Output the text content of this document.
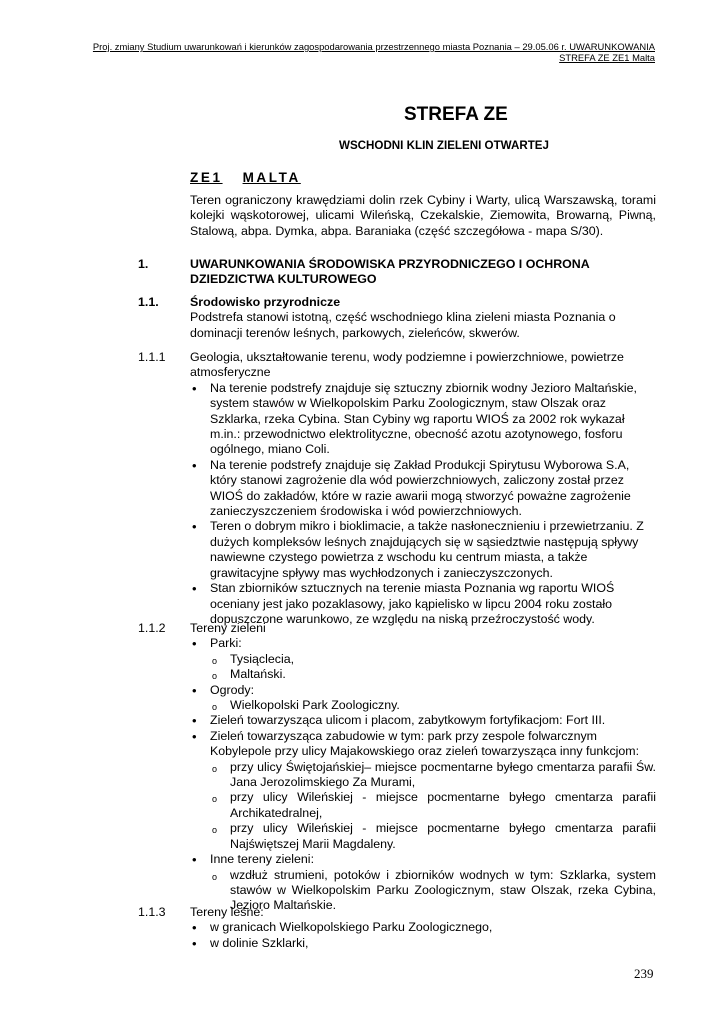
Proj. zmiany Studium uwarunkowań i kierunków zagospodarowania przestrzennego miasta Poznania – 29.05.06 r. UWARUNKOWANIA
STREFA ZE ZE1 Malta
STREFA ZE
WSCHODNI KLIN ZIELENI OTWARTEJ
ZE1 MALTA
Teren ograniczony krawędziami dolin rzek Cybiny i Warty, ulicą Warszawską, torami kolejki wąskotorowej, ulicami Wileńską, Czekalskie, Ziemowita, Browarną, Piwną, Stalową, abpa. Dymka, abpa. Baraniaka (część szczegółowa - mapa S/30).
1.	UWARUNKOWANIA ŚRODOWISKA PRZYRODNICZEGO I OCHRONA DZIEDZICTWA KULTUROWEGO
1.1.	Środowisko przyrodnicze
Podstrefa stanowi istotną, część wschodniego klina zieleni miasta Poznania o dominacji terenów leśnych, parkowych, zieleńców, skwerów.
1.1.1 Geologia, ukształtowanie terenu, wody podziemne i powierzchniowe, powietrze atmosferyczne
• Na terenie podstrefy znajduje się sztuczny zbiornik wodny Jezioro Maltańskie, system stawów w Wielkopolskim Parku Zoologicznym, staw Olszak oraz Szklarka, rzeka Cybina. Stan Cybiny wg raportu WIOŚ za 2002 rok wykazał m.in.: przewodnictwo elektrolityczne, obecność azotu azotynowego, fosforu ogólnego, miano Coli.
• Na terenie podstrefy znajduje się Zakład Produkcji Spirytusu Wyborowa S.A, który stanowi zagrożenie dla wód powierzchniowych, zaliczony został przez WIOŚ do zakładów, które w razie awarii mogą stworzyć poważne zagrożenie zanieczyszczeniem środowiska i wód powierzchniowych.
• Teren o dobrym mikro i bioklimacie, a także nasłonecznieniu i przewietrzaniu. Z dużych kompleksów leśnych znajdujących się w sąsiedztwie następują spływy nawiewne czystego powietrza z wschodu ku centrum miasta, a także grawitacyjne spływy mas wychłodzonych i zanieczyszczonych.
• Stan zbiorników sztucznych na terenie miasta Poznania wg raportu WIOŚ oceniany jest jako pozaklasowy, jako kąpielisko w lipcu 2004 roku zostało dopuszczone warunkowo, ze względu na niską przeźroczystość wody.
1.1.2 Tereny zieleni
• Parki:
o Tysiąclecia,
o Maltański.
• Ogrody:
o Wielkopolski Park Zoologiczny.
• Zieleń towarzysząca ulicom i placom, zabytkowym fortyfikacjom: Fort III.
• Zieleń towarzysząca zabudowie w tym: park przy zespole folwarcznym Kobylepole przy ulicy Majakowskiego oraz zieleń towarzysząca inny funkcjom:
o przy ulicy Świętojańskiej– miejsce pocmentarne byłego cmentarza parafii Św. Jana Jerozolimskiego Za Murami,
o przy ulicy Wileńskiej - miejsce pocmentarne byłego cmentarza parafii Archikatedralnej,
o przy ulicy Wileńskiej - miejsce pocmentarne byłego cmentarza parafii Najświętszej Marii Magdaleny.
• Inne tereny zieleni:
o wzdłuż strumieni, potoków i zbiorników wodnych w tym: Szklarka, system stawów w Wielkopolskim Parku Zoologicznym, staw Olszak, rzeka Cybina, Jezioro Maltańskie.
1.1.3 Tereny leśne:
• w granicach Wielkopolskiego Parku Zoologicznego,
• w dolinie Szklarki,
239
